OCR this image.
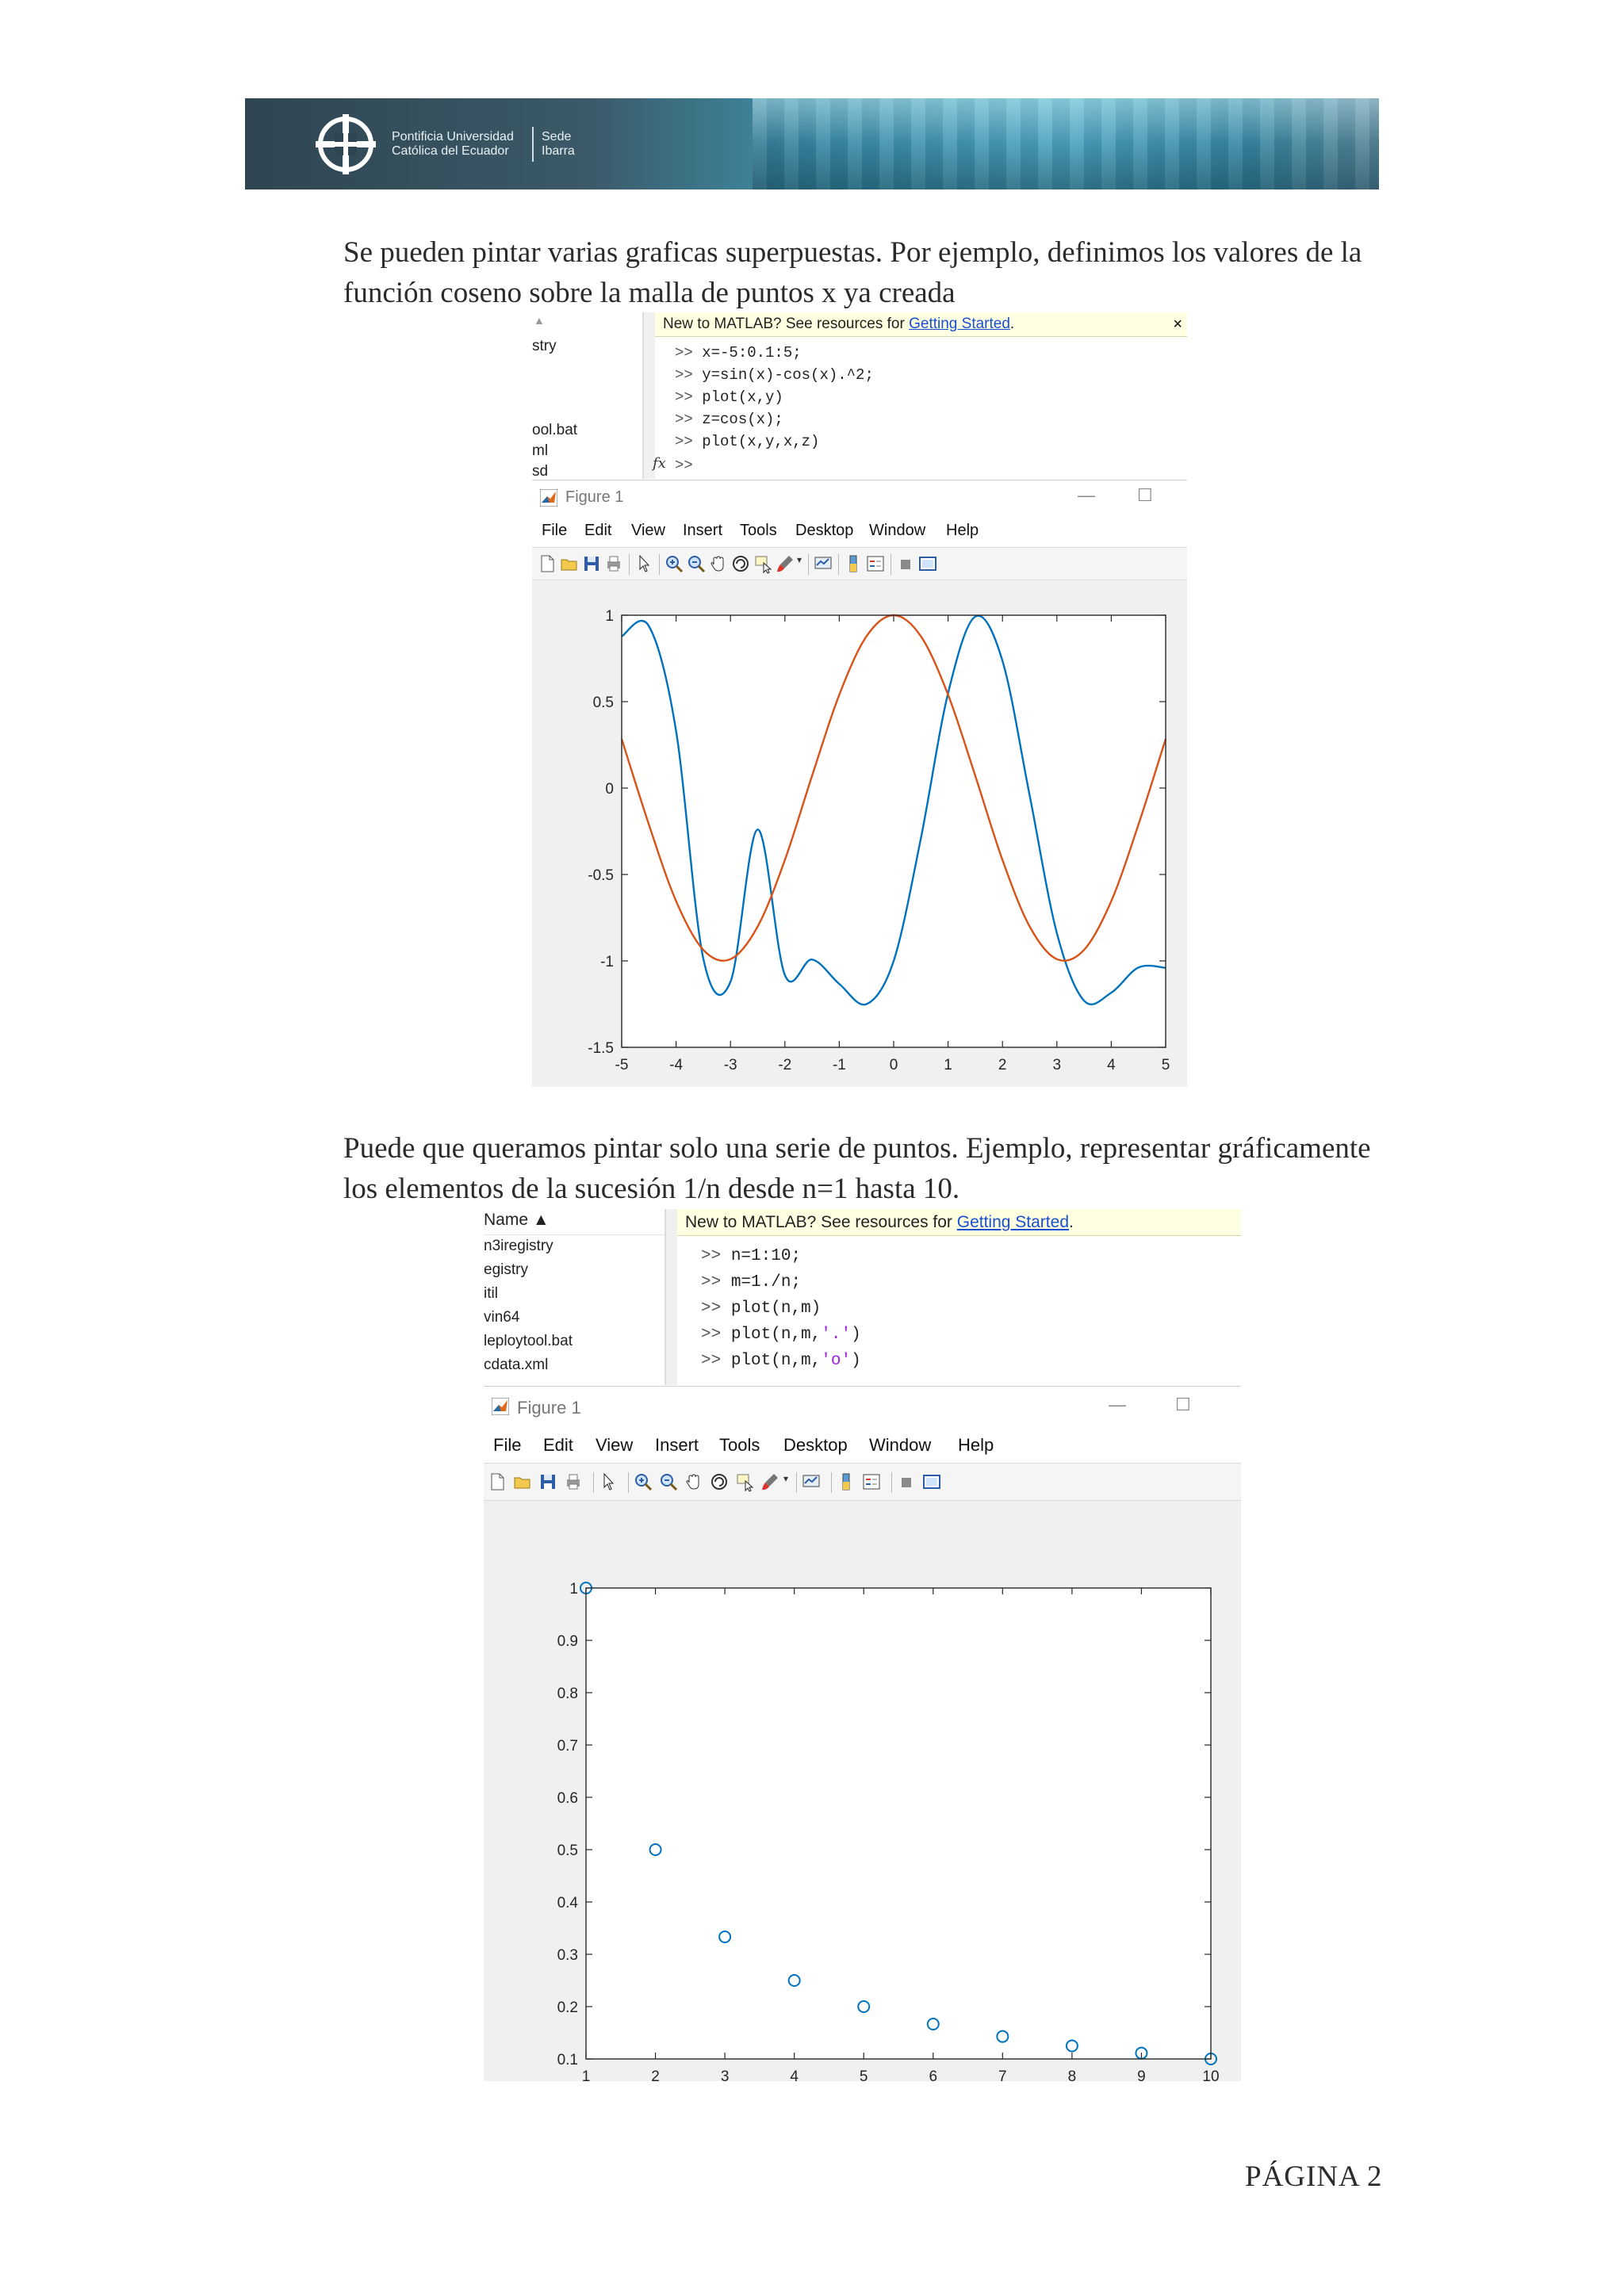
Pontificia Universidad
Católica del Ecuador
Sede
Ibarra

Se pueden pintar varias graficas superpuestas. Por ejemplo, definimos los valores de la función coseno sobre la malla de puntos x ya creada

▲
stry
ool.bat
ml
sd
New to MATLAB? See resources for Getting Started.	×
>> x=-5:0.1:5;
>> y=sin(x)-cos(x).^2;
>> plot(x,y)
>> z=cos(x);
>> plot(x,y,x,z)
fx >>
Figure 1	— ☐
File Edit View Insert Tools Desktop Window Help
▾
-5	-4	-3	-2	-1	0	1	2	3	4	5
-1.5
-1
-0.5
0
0.5
1

Puede que queramos pintar solo una serie de puntos. Ejemplo, representar gráficamente los elementos de la sucesión 1/n desde n=1 hasta 10.

Name ▲
n3iregistry
egistry
itil
vin64
leploytool.bat
cdata.xml
New to MATLAB? See resources for Getting Started.
>> n=1:10;
>> m=1./n;
>> plot(n,m)
>> plot(n,m,'.')
>> plot(n,m,'o')
Figure 1	—	☐
File Edit View Insert Tools Desktop Window Help
▾
1	2	3	4	5	6	7	8	9	10
0.1
0.2
0.3
0.4
0.5
0.6
0.7
0.8
0.9
1
PÁGINA 2
